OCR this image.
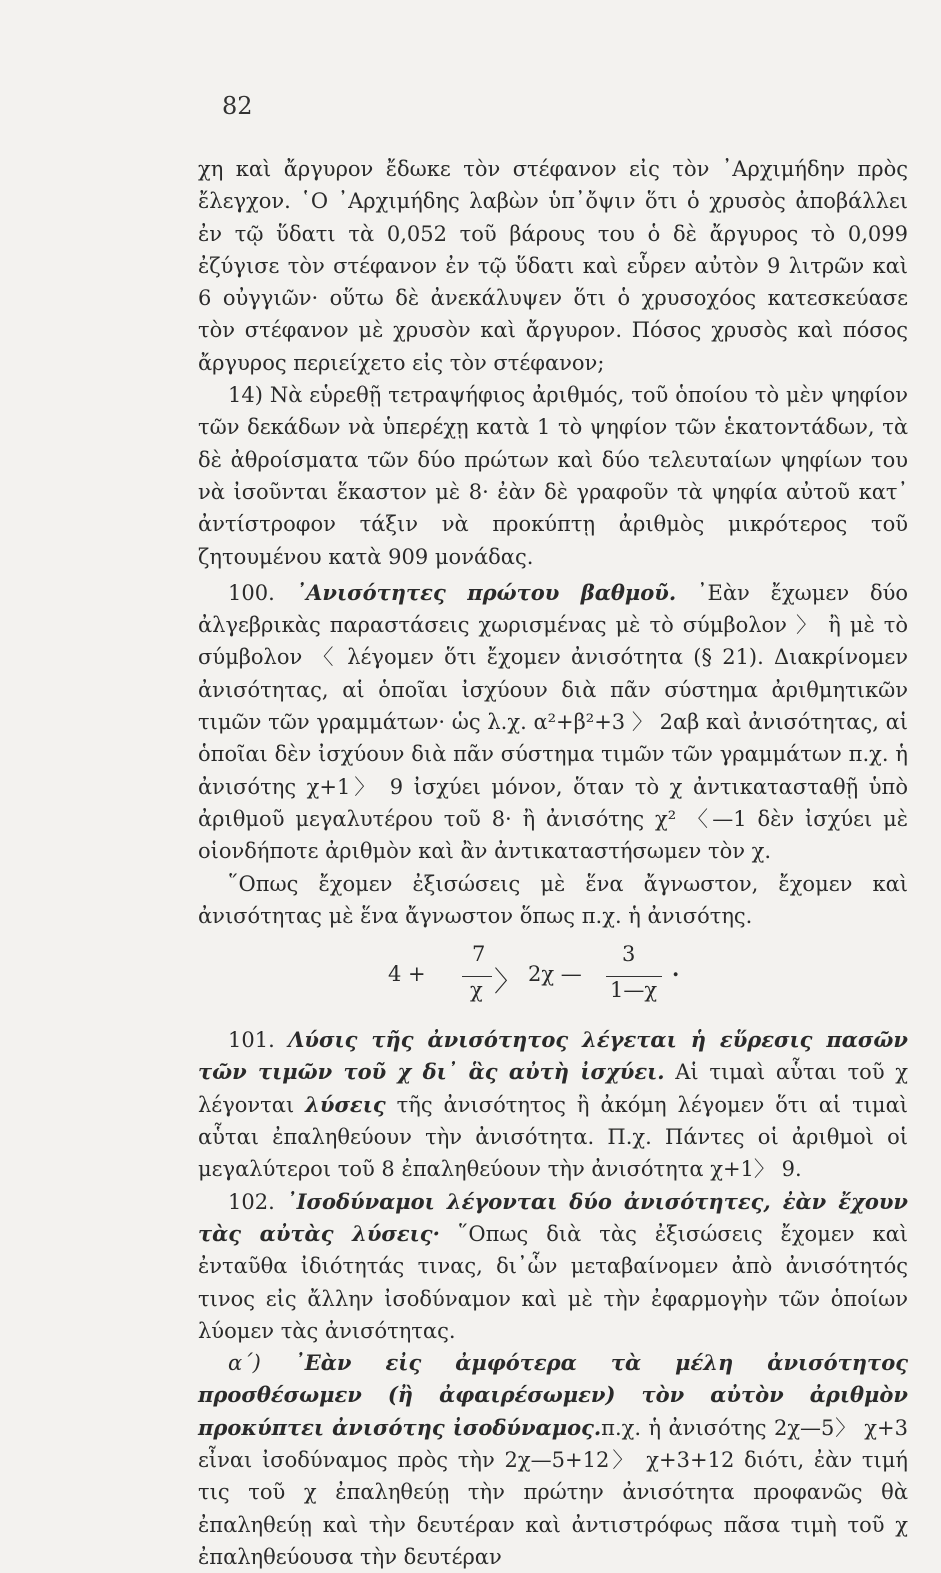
82

χη καὶ ἄργυρον ἔδωκε τὸν στέφανον εἰς τὸν ᾿Αρχιμήδην πρὸς ἔλεγχον. ῾Ο ᾿Αρχιμήδης λαβὼν ὑπ᾿ὄψιν ὅτι ὁ χρυσὸς ἀποβάλλει ἐν τῷ ὕδατι τὰ 0,052 τοῦ βάρους του ὁ δὲ ἄργυρος τὸ 0,099 ἐζύγισε τὸν στέφανον ἐν τῷ ὕδατι καὶ εὗρεν αὐτὸν 9 λιτρῶν καὶ 6 οὐγγιῶν· οὕτω δὲ ἀνεκάλυψεν ὅτι ὁ χρυσοχόος κατεσκεύασε τὸν στέφανον μὲ χρυσὸν καὶ ἄργυρον. Πόσος χρυσὸς καὶ πόσος ἄργυρος περιείχετο εἰς τὸν στέφανον;

14) Νὰ εὑρεθῇ τετραψήφιος ἀριθμός, τοῦ ὁποίου τὸ μὲν ψηφίον τῶν δεκάδων νὰ ὑπερέχῃ κατὰ 1 τὸ ψηφίον τῶν ἑκατοντάδων, τὰ δὲ ἀθροίσματα τῶν δύο πρώτων καὶ δύο τελευταίων ψηφίων του νὰ ἰσοῦνται ἕκαστον μὲ 8· ἐὰν δὲ γραφοῦν τὰ ψηφία αὐτοῦ κατ᾿ ἀντίστροφον τάξιν νὰ προκύπτῃ ἀριθμὸς μικρότερος τοῦ ζητουμένου κατὰ 909 μονάδας.

100. ᾿Ανισότητες πρώτου βαθμοῦ. ᾿Εὰν ἔχωμεν δύο ἀλγεβρικὰς παραστάσεις χωρισμένας μὲ τὸ σύμβολον 〉 ἢ μὲ τὸ σύμβολον 〈 λέγομεν ὅτι ἔχομεν ἀνισότητα (§ 21). Διακρίνομεν ἀνισότητας, αἱ ὁποῖαι ἰσχύουν διὰ πᾶν σύστημα ἀριθμητικῶν τιμῶν τῶν γραμμάτων· ὡς λ.χ. α²+β²+3 〉 2αβ καὶ ἀνισότητας, αἱ ὁποῖαι δὲν ἰσχύουν διὰ πᾶν σύστημα τιμῶν τῶν γραμμάτων π.χ. ἡ ἀνισότης χ+1〉 9 ἰσχύει μόνον, ὅταν τὸ χ ἀντικατασταθῇ ὑπὸ ἀριθμοῦ μεγαλυτέρου τοῦ 8· ἢ ἀνισότης χ² 〈—1 δὲν ἰσχύει μὲ οἱονδήποτε ἀριθμὸν καὶ ἂν ἀντικαταστήσωμεν τὸν χ.

῞Οπως ἔχομεν ἐξισώσεις μὲ ἕνα ἄγνωστον, ἔχομεν καὶ ἀνισότητας μὲ ἕνα ἄγνωστον ὅπως π.χ. ἡ ἀνισότης.

4 +
7
χ 〉 2χ —
3
1—χ
.

101. Λύσις τῆς ἀνισότητος λέγεται ἡ εὕρεσις πασῶν τῶν τιμῶν τοῦ χ δι᾿ ἃς αὐτὴ ἰσχύει. Αἱ τιμαὶ αὗται τοῦ χ λέγονται λύσεις τῆς ἀνισότητος ἢ ἀκόμη λέγομεν ὅτι αἱ τιμαὶ αὗται ἐπαληθεύουν τὴν ἀνισότητα. Π.χ. Πάντες οἱ ἀριθμοὶ οἱ μεγαλύτεροι τοῦ 8 ἐπαληθεύουν τὴν ἀνισότητα χ+1〉 9.

102. ᾿Ισοδύναμοι λέγονται δύο ἀνισότητες, ἐὰν ἔχουν τὰς αὐτὰς λύσεις· ῞Οπως διὰ τὰς ἐξισώσεις ἔχομεν καὶ ἐνταῦθα ἰδιότητάς τινας, δι᾿ὧν μεταβαίνομεν ἀπὸ ἀνισότητός τινος εἰς ἄλλην ἰσοδύναμον καὶ μὲ τὴν ἐφαρμογὴν τῶν ὁποίων λύομεν τὰς ἀνισότητας.

α´) ᾿Εὰν εἰς ἀμφότερα τὰ μέλη ἀνισότητος προσθέσωμεν (ἢ ἀφαιρέσωμεν) τὸν αὐτὸν ἀριθμὸν προκύπτει ἀνισότης ἰσοδύναμος.π.χ. ἡ ἀνισότης 2χ—5〉 χ+3 εἶναι ἰσοδύναμος πρὸς τὴν 2χ—5+12〉 χ+3+12 διότι, ἐὰν τιμή τις τοῦ χ ἐπαληθεύῃ τὴν πρώτην ἀνισότητα προφανῶς θὰ ἐπαληθεύῃ καὶ τὴν δευτέραν καὶ ἀντιστρόφως πᾶσα τιμὴ τοῦ χ ἐπαληθεύουσα τὴν δευτέραν
